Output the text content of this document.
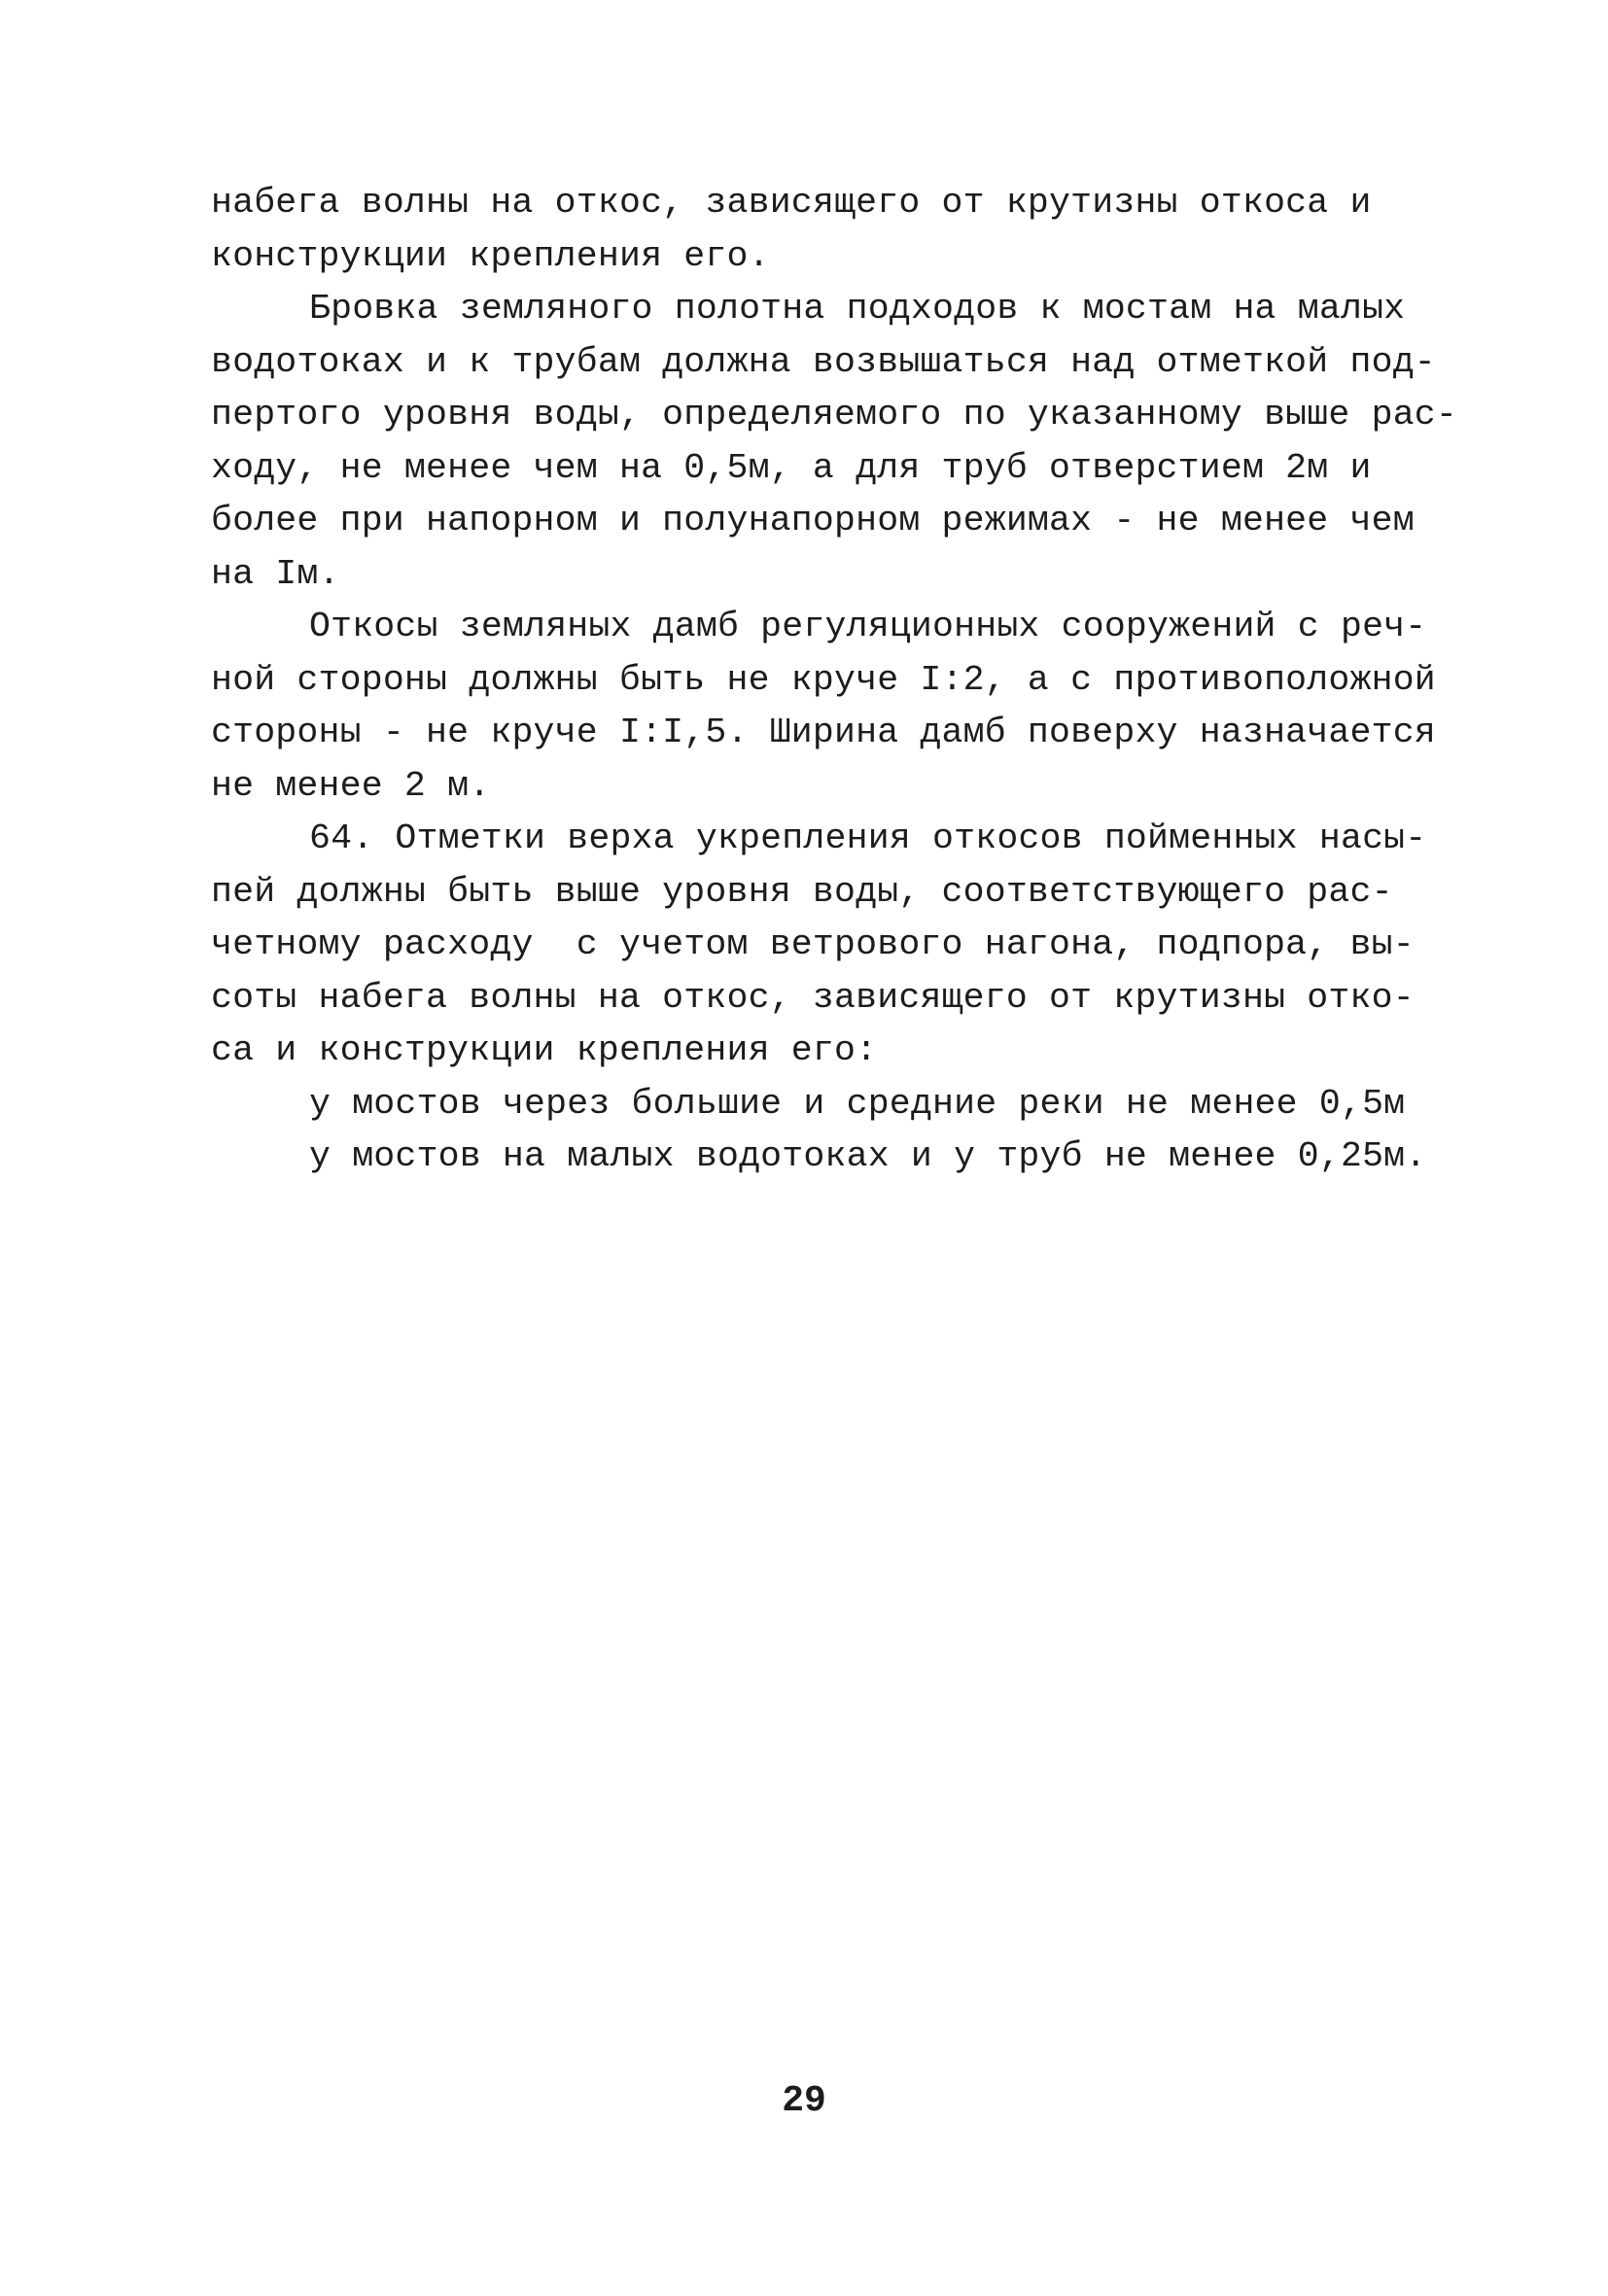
набега волны на откос, зависящего от крутизны откоса и
конструкции крепления его.
Бровка земляного полотна подходов к мостам на малых
водотоках и к трубам должна возвышаться над отметкой под-
пертого уровня воды, определяемого по указанному выше рас-
ходу, не менее чем на 0,5м, а для труб отверстием 2м и
более при напорном и полунапорном режимах - не менее чем
на Iм.
Откосы земляных дамб регуляционных сооружений с реч-
ной стороны должны быть не круче I:2, а с противоположной
стороны - не круче I:I,5. Ширина дамб поверху назначается
не менее 2 м.
64. Отметки верха укрепления откосов пойменных насы-
пей должны быть выше уровня воды, соответствующего рас-
четному расходу  с учетом ветрового нагона, подпора, вы-
соты набега волны на откос, зависящего от крутизны отко-
са и конструкции крепления его:
у мостов через большие и средние реки не менее 0,5м
у мостов на малых водотоках и у труб не менее 0,25м.
29
